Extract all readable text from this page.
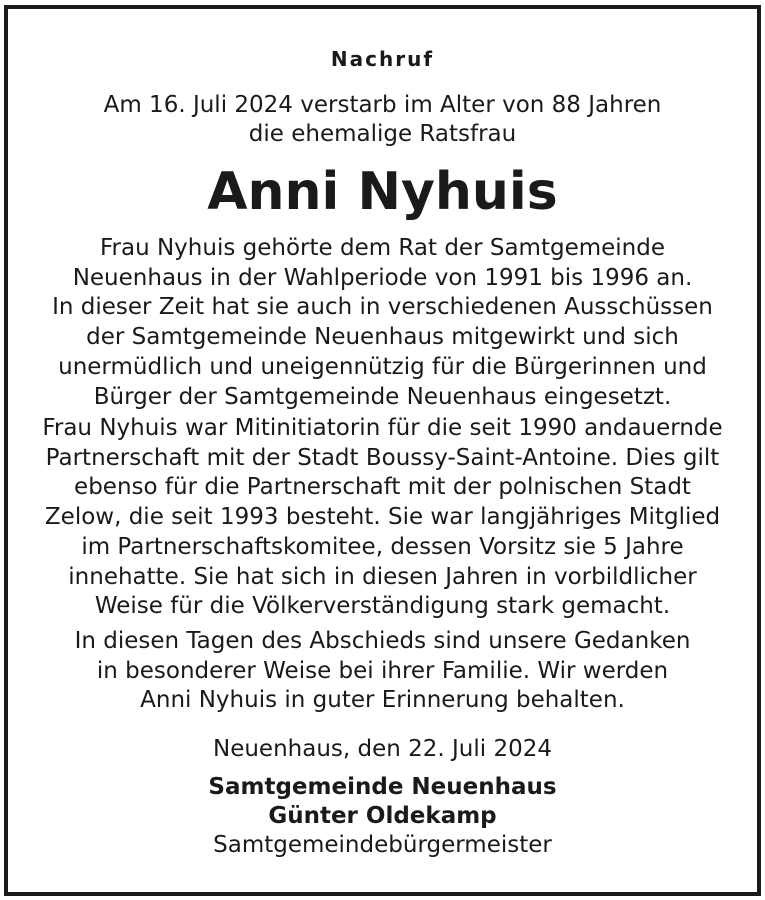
Nachruf
Am 16. Juli 2024 verstarb im Alter von 88 Jahren
die ehemalige Ratsfrau
Anni Nyhuis
Frau Nyhuis gehörte dem Rat der Samtgemeinde
Neuenhaus in der Wahlperiode von 1991 bis 1996 an.
In dieser Zeit hat sie auch in verschiedenen Ausschüssen
der Samtgemeinde Neuenhaus mitgewirkt und sich
unermüdlich und uneigennützig für die Bürgerinnen und
Bürger der Samtgemeinde Neuenhaus eingesetzt.
Frau Nyhuis war Mitinitiatorin für die seit 1990 andauernde
Partnerschaft mit der Stadt Boussy-Saint-Antoine. Dies gilt
ebenso für die Partnerschaft mit der polnischen Stadt
Zelow, die seit 1993 besteht. Sie war langjähriges Mitglied
im Partnerschaftskomitee, dessen Vorsitz sie 5 Jahre
innehatte. Sie hat sich in diesen Jahren in vorbildlicher
Weise für die Völkerverständigung stark gemacht.
In diesen Tagen des Abschieds sind unsere Gedanken
in besonderer Weise bei ihrer Familie. Wir werden
Anni Nyhuis in guter Erinnerung behalten.
Neuenhaus, den 22. Juli 2024
Samtgemeinde Neuenhaus
Günter Oldekamp
Samtgemeindebürgermeister
